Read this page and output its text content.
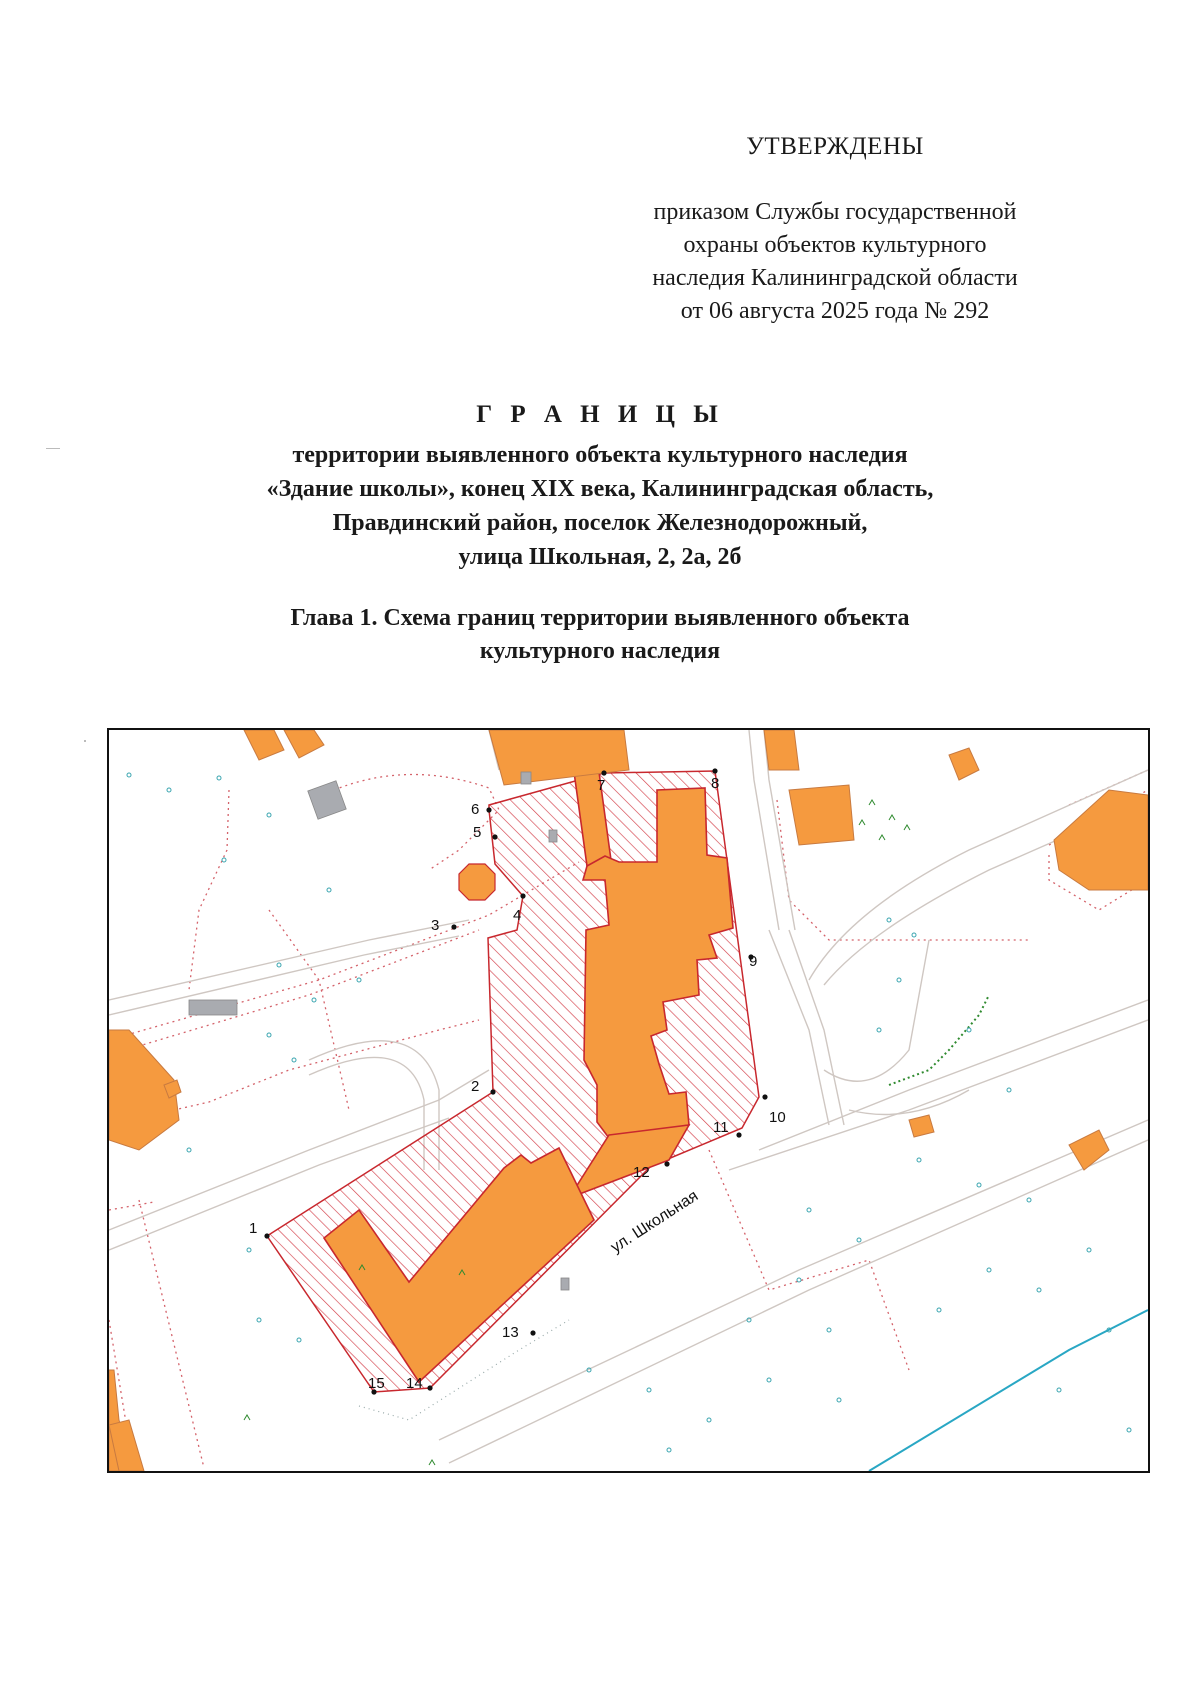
УТВЕРЖДЕНЫ
приказом Службы государственной
охраны объектов культурного
наследия Калининградской области
от 06 августа 2025 года № 292
Г Р А Н И Ц Ы
территории выявленного объекта культурного наследия
«Здание школы», конец XIX века, Калининградская область,
Правдинский район, поселок Железнодорожный,
улица Школьная, 2, 2а, 2б
Глава 1. Схема границ территории выявленного объекта
культурного наследия
1
2
3
4
5
6
7	8
9
10
11
12
13
14
15
ул. Школьная
